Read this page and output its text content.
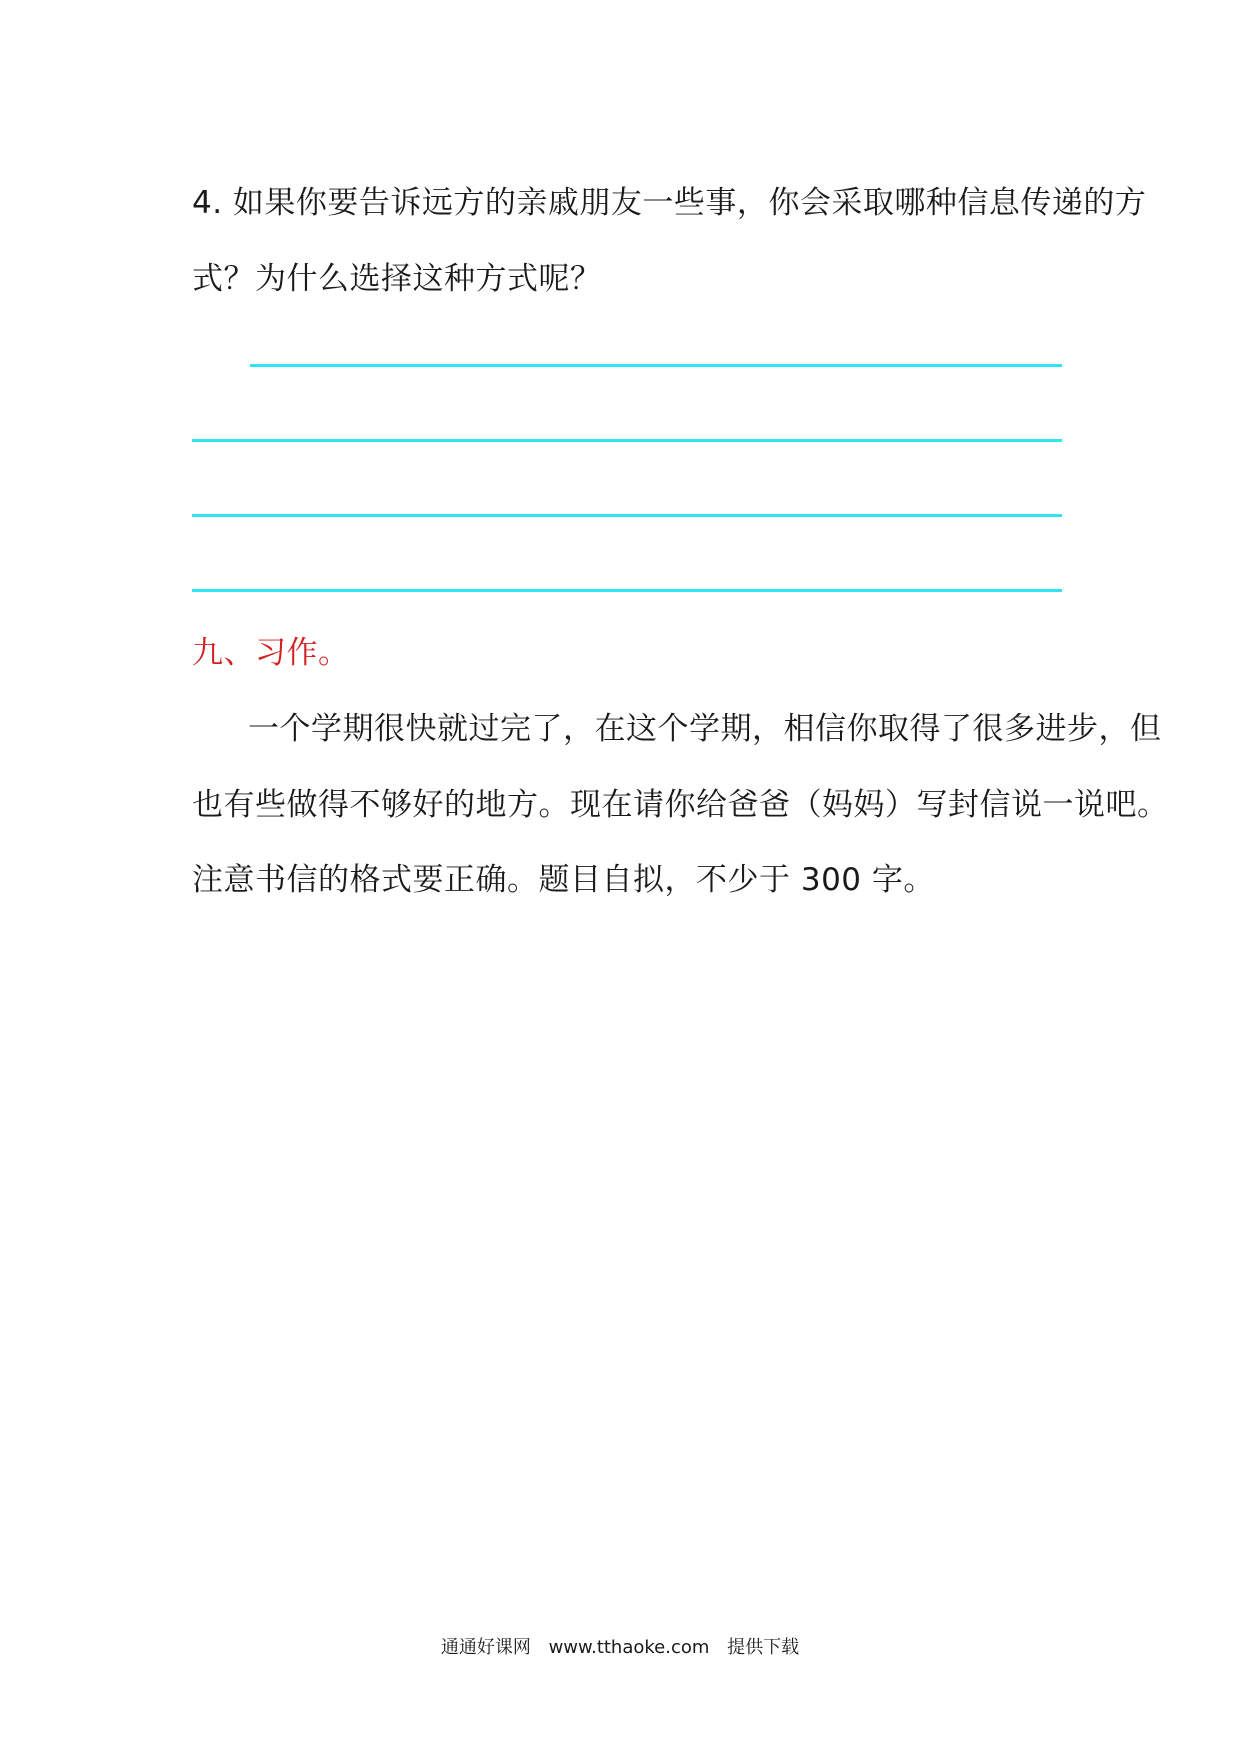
4. 如果你要告诉远方的亲戚朋友一些事，你会采取哪种信息传递的方
式？为什么选择这种方式呢？
九、习作。
一个学期很快就过完了，在这个学期，相信你取得了很多进步，但
也有些做得不够好的地方。现在请你给爸爸（妈妈）写封信说一说吧。
注意书信的格式要正确。题目自拟，不少于 300 字。
通通好课网 www.tthaoke.com 提供下载
